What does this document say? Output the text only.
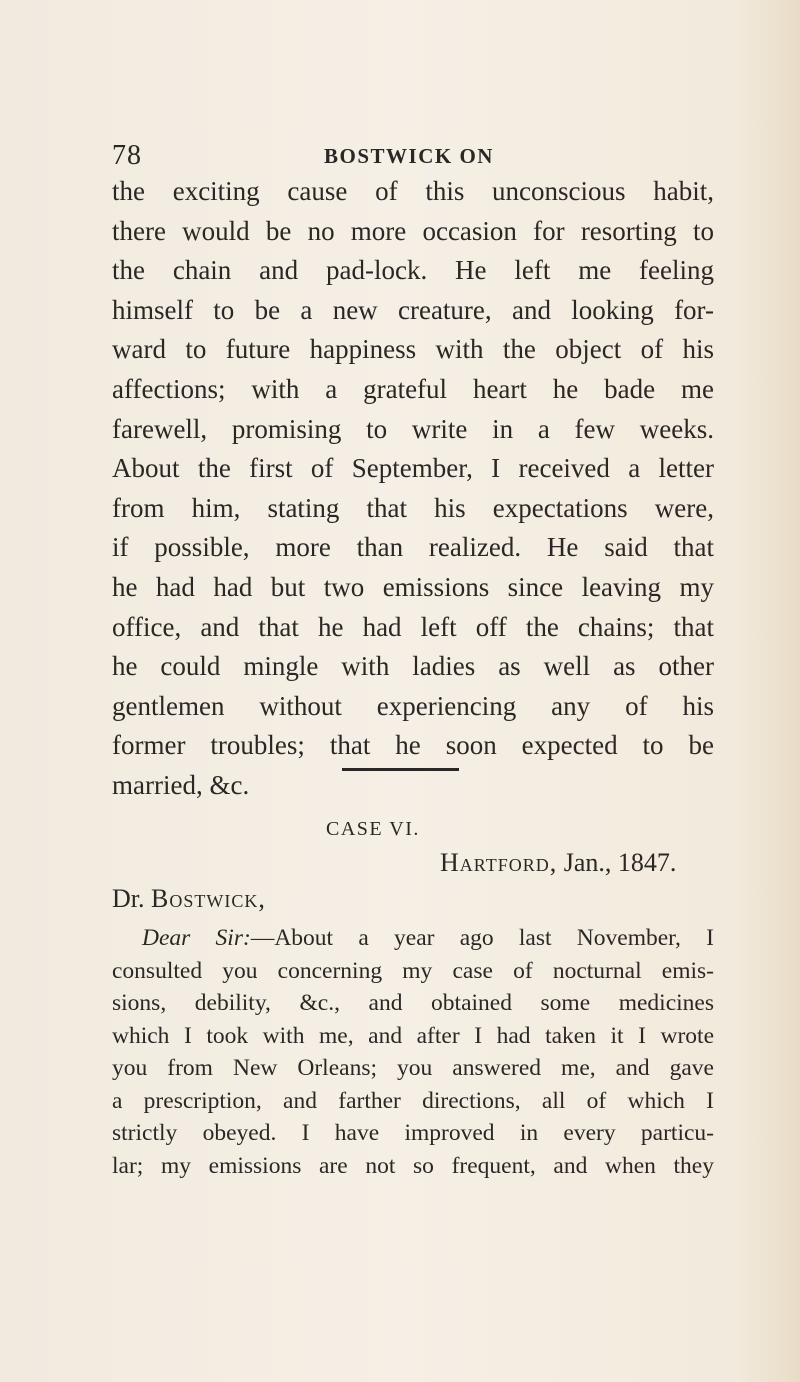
78	BOSTWICK ON
the exciting cause of this unconscious habit,
there would be no more occasion for resorting to
the chain and pad-lock. He left me feeling
himself to be a new creature, and looking for-
ward to future happiness with the object of his
affections; with a grateful heart he bade me
farewell, promising to write in a few weeks.
About the first of September, I received a letter
from him, stating that his expectations were,
if possible, more than realized. He said that
he had had but two emissions since leaving my
office, and that he had left off the chains; that
he could mingle with ladies as well as other
gentlemen without experiencing any of his
former troubles; that he soon expected to be
married, &c.
CASE VI.
Hartford, Jan., 1847.
Dr. Bostwick,
Dear Sir:—About a year ago last November, I
consulted you concerning my case of nocturnal emis-
sions, debility, &c., and obtained some medicines
which I took with me, and after I had taken it I wrote
you from New Orleans; you answered me, and gave
a prescription, and farther directions, all of which I
strictly obeyed. I have improved in every particu-
lar; my emissions are not so frequent, and when they
